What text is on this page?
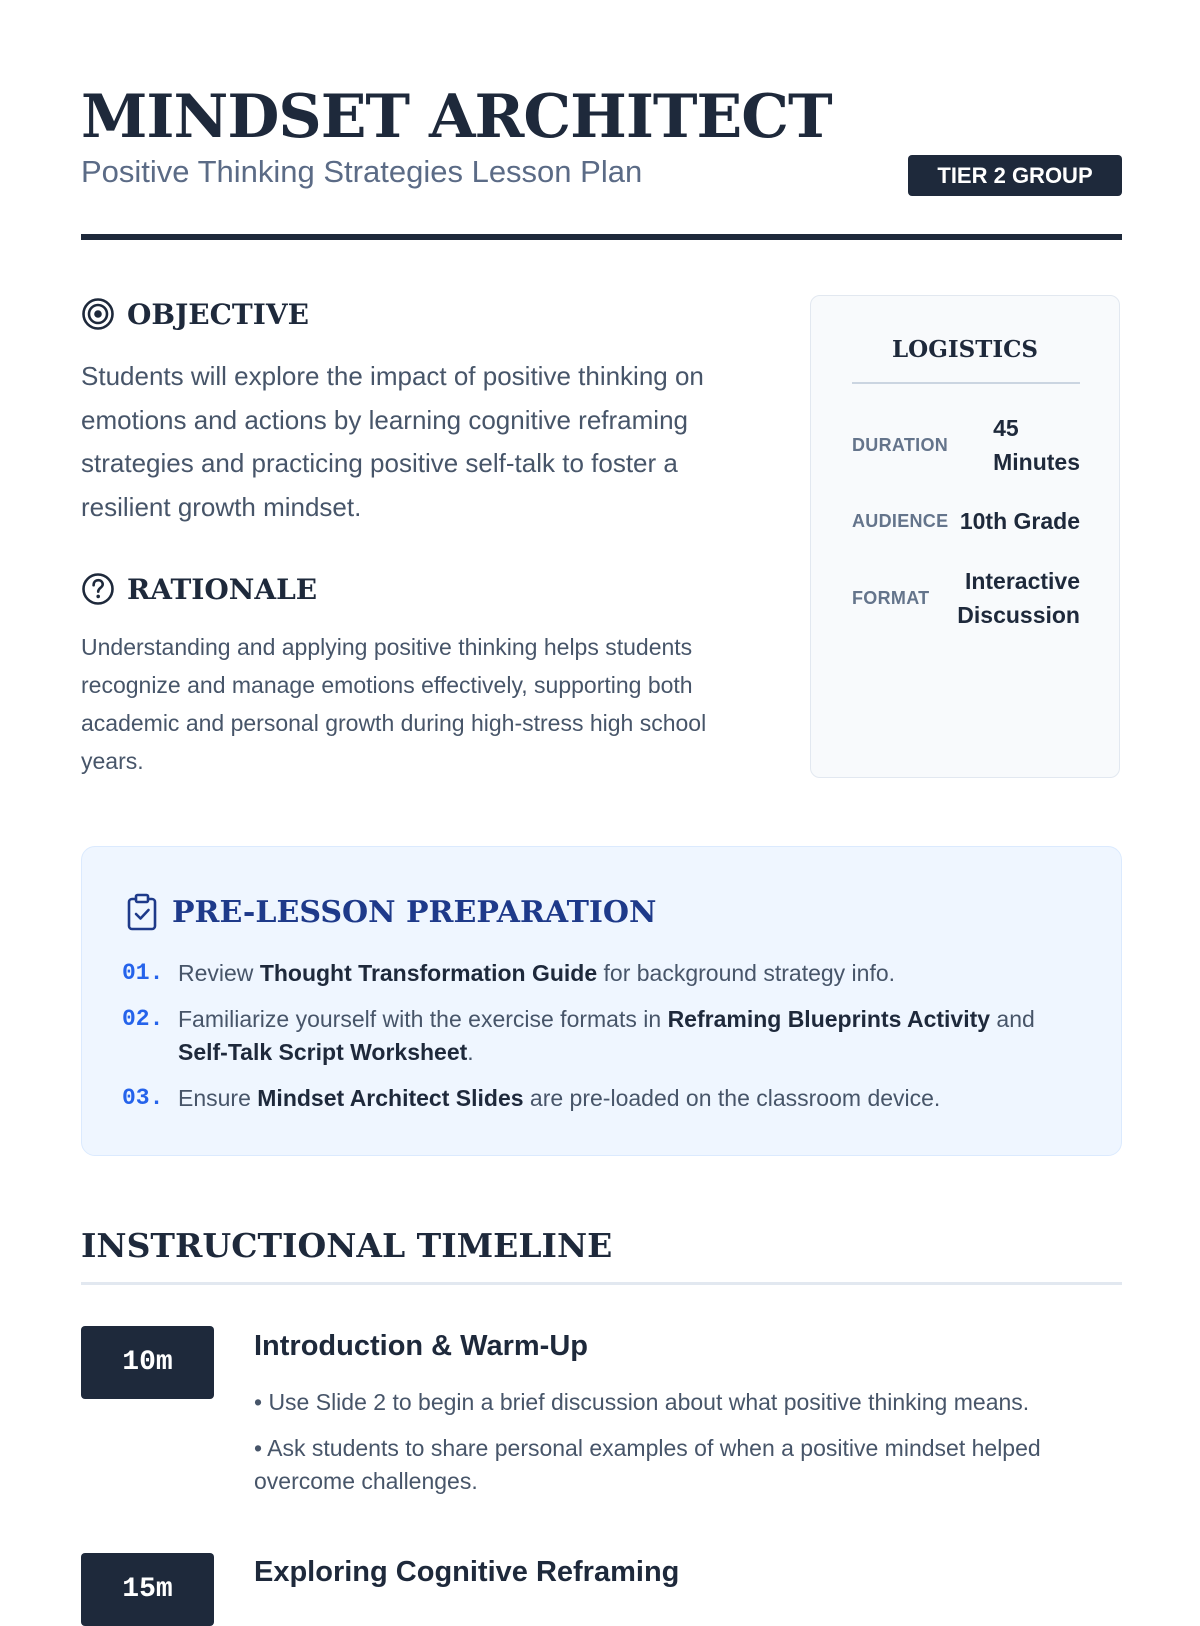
MINDSET ARCHITECT
Positive Thinking Strategies Lesson Plan	TIER 2 GROUP
OBJECTIVE

Students will explore the impact of positive thinking on emotions and actions by learning cognitive reframing strategies and practicing positive self-talk to foster a resilient growth mindset.

RATIONALE

Understanding and applying positive thinking helps students recognize and manage emotions effectively, supporting both academic and personal growth during high-stress high school years.

LOGISTICS
DURATION
45
Minutes
AUDIENCE 10th Grade
FORMAT
Interactive
Discussion
PRE-LESSON PREPARATION
01. Review Thought Transformation Guide for background strategy info.
02. Familiarize yourself with the exercise formats in Reframing Blueprints Activity and Self-Talk Script Worksheet.
03. Ensure Mindset Architect Slides are pre-loaded on the classroom device.
INSTRUCTIONAL TIMELINE
10m
Introduction & Warm-Up
• Use Slide 2 to begin a brief discussion about what positive thinking means.
• Ask students to share personal examples of when a positive mindset helped overcome challenges.
15m
Exploring Cognitive Reframing
